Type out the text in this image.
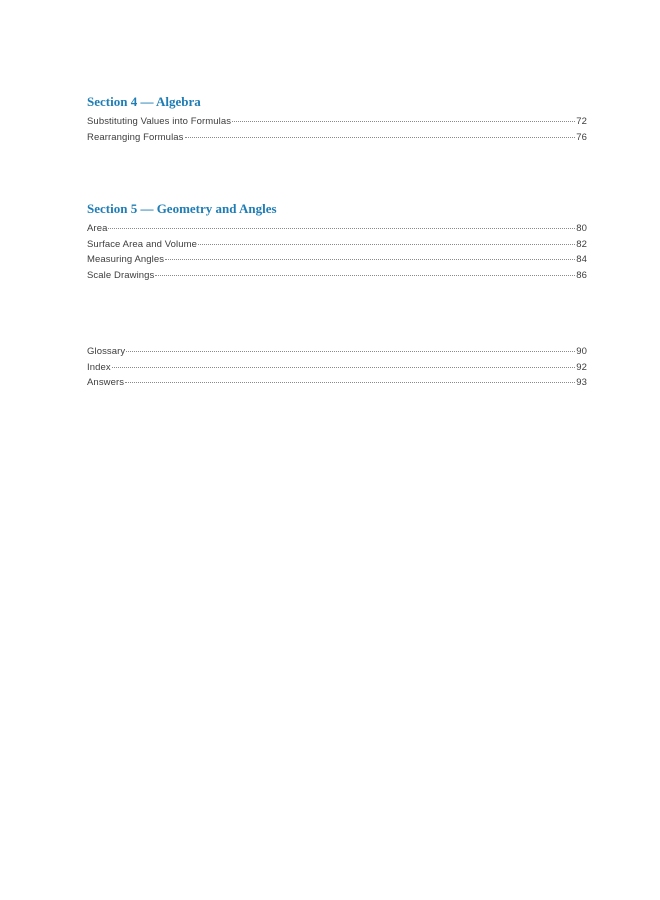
Section 4 — Algebra
Substituting Values into Formulas	72
Rearranging Formulas	76
Section 5 — Geometry and Angles
Area	80
Surface Area and Volume	82
Measuring Angles	84
Scale Drawings	86
Glossary	90
Index	92
Answers	93
